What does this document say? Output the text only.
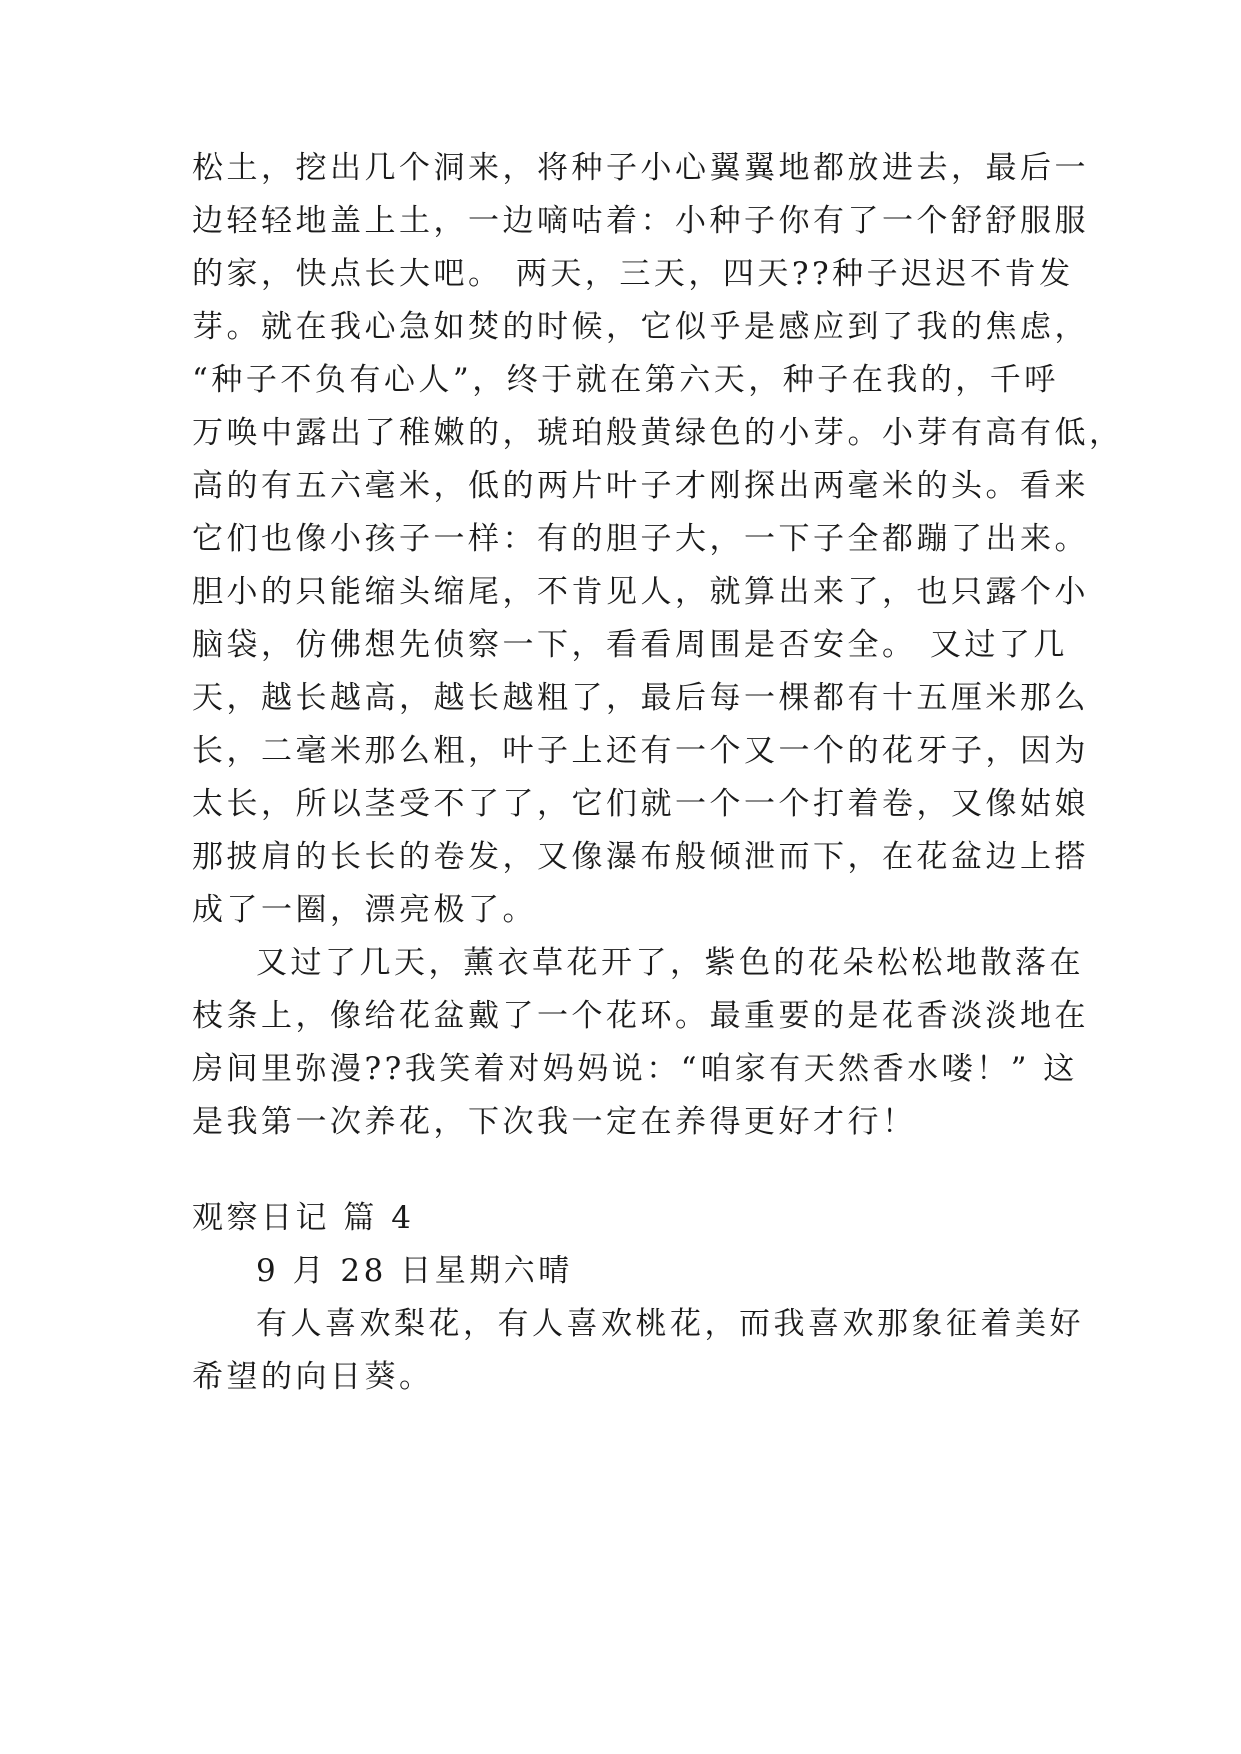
松土，挖出几个洞来，将种子小心翼翼地都放进去，最后一
边轻轻地盖上土，一边嘀咕着：小种子你有了一个舒舒服服
的家，快点长大吧。 两天，三天，四天??种子迟迟不肯发
芽。就在我心急如焚的时候，它似乎是感应到了我的焦虑，
“种子不负有心人”，终于就在第六天，种子在我的，千呼
万唤中露出了稚嫩的，琥珀般黄绿色的小芽。小芽有高有低，
高的有五六毫米，低的两片叶子才刚探出两毫米的头。看来
它们也像小孩子一样：有的胆子大，一下子全都蹦了出来。
胆小的只能缩头缩尾，不肯见人，就算出来了，也只露个小
脑袋，仿佛想先侦察一下，看看周围是否安全。 又过了几
天，越长越高，越长越粗了，最后每一棵都有十五厘米那么
长，二毫米那么粗，叶子上还有一个又一个的花牙子，因为
太长，所以茎受不了了，它们就一个一个打着卷，又像姑娘
那披肩的长长的卷发，又像瀑布般倾泄而下，在花盆边上搭
成了一圈，漂亮极了。
又过了几天，薰衣草花开了，紫色的花朵松松地散落在
枝条上，像给花盆戴了一个花环。最重要的是花香淡淡地在
房间里弥漫??我笑着对妈妈说：“咱家有天然香水喽！” 这
是我第一次养花，下次我一定在养得更好才行！
观察日记 篇 4
9 月 28 日星期六晴
有人喜欢梨花，有人喜欢桃花，而我喜欢那象征着美好
希望的向日葵。
